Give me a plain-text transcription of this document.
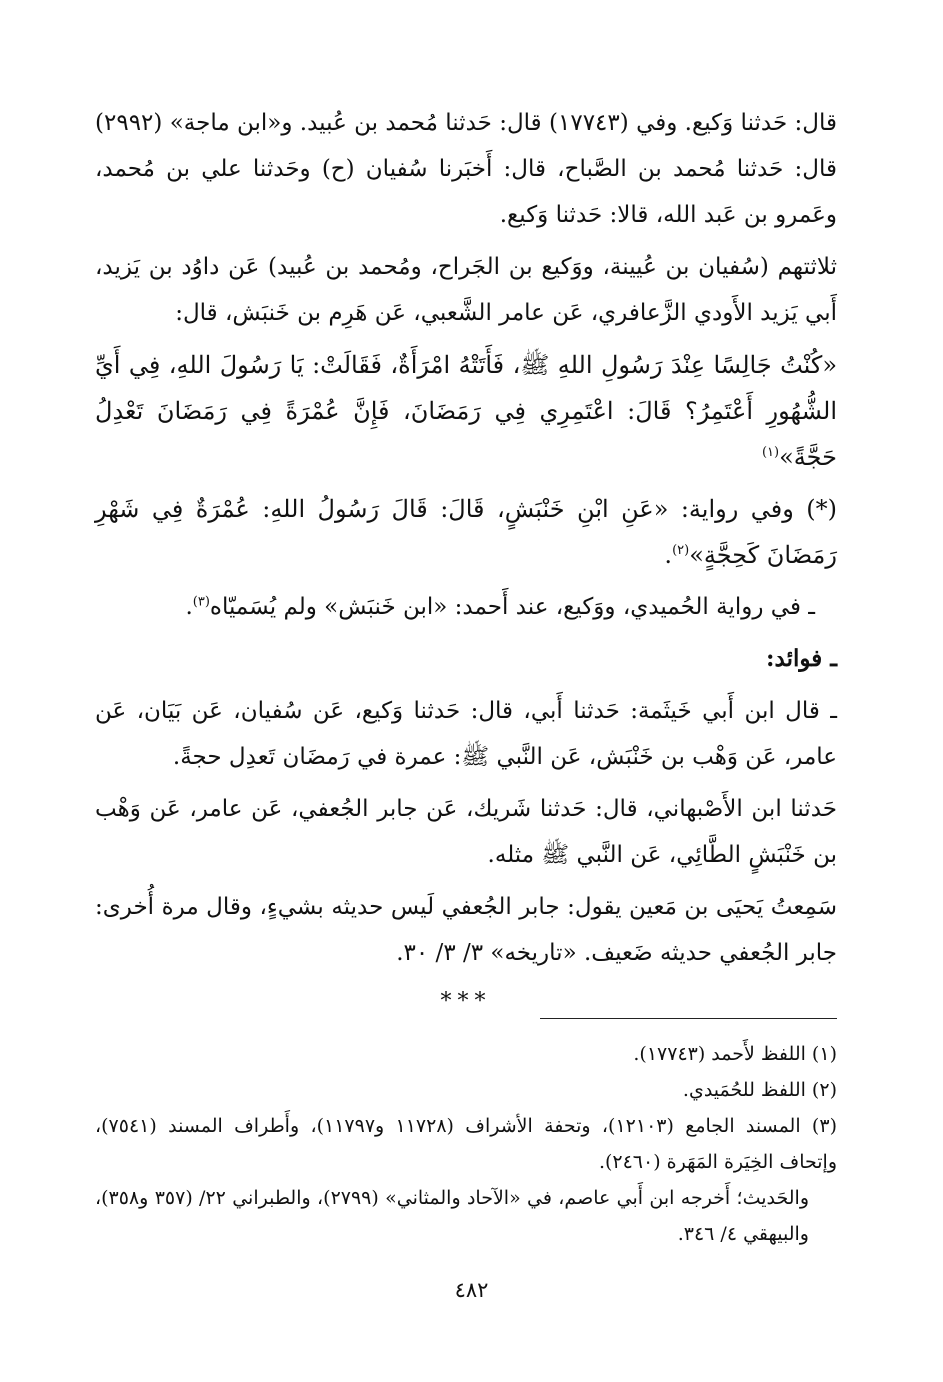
قال: حَدثنا وَكيع. وفي (١٧٧٤٣) قال: حَدثنا مُحمد بن عُبيد. و«ابن ماجة» (٢٩٩٢) قال: حَدثنا مُحمد بن الصَّباح، قال: أَخبَرنا سُفيان (ح) وحَدثنا علي بن مُحمد، وعَمرو بن عَبد الله، قالا: حَدثنا وَكيع.

ثلاثتهم (سُفيان بن عُيينة، ووَكيع بن الجَراح، ومُحمد بن عُبيد) عَن داوُد بن يَزيد، أَبي يَزيد الأَودي الزَّعافري، عَن عامر الشَّعبي، عَن هَرِم بن خَنبَش، قال:

«كُنْتُ جَالِسًا عِنْدَ رَسُولِ اللهِ ﷺ، فَأَتَتْهُ امْرَأَةٌ، فَقَالَتْ: يَا رَسُولَ اللهِ، فِي أَيِّ الشُّهُورِ أَعْتَمِرُ؟ قَالَ: اعْتَمِرِي فِي رَمَضَانَ، فَإِنَّ عُمْرَةً فِي رَمَضَانَ تَعْدِلُ حَجَّةً»$^{(١)}$

(*) وفي رواية: «عَنِ ابْنِ خَنْبَشٍ، قَالَ: قَالَ رَسُولُ اللهِ: عُمْرَةٌ فِي شَهْرِ رَمَضَانَ كَحِجَّةٍ»$^{(٢)}$.

ـ في رواية الحُميدي، ووَكيع، عند أَحمد: «ابن خَنبَش» ولم يُسَميّاه$^{(٣)}$.

ـ فوائد:

ـ قال ابن أَبي خَيثَمة: حَدثنا أَبي، قال: حَدثنا وَكيع، عَن سُفيان، عَن بَيَان، عَن عامر، عَن وَهْب بن خَنْبَش، عَن النَّبي ﷺ: عمرة في رَمضَان تَعدِل حجةً.

حَدثنا ابن الأَصْبهاني، قال: حَدثنا شَريك، عَن جابر الجُعفي، عَن عامر، عَن وَهْب بن خَنْبَشٍ الطَّائِي، عَن النَّبي ﷺ مثله.

سَمِعتُ يَحيَى بن مَعين يقول: جابر الجُعفي لَيس حديثه بشيءٍ، وقال مرة أُخرى: جابر الجُعفي حديثه ضَعيف. «تاريخه» ٣/ ٣/ ٣٠.

***

(١) اللفظ لأَحمد (١٧٧٤٣).

(٢) اللفظ للحُمَيدي.

(٣) المسند الجامع (١٢١٠٣)، وتحفة الأشراف (١١٧٢٨ و١١٧٩٧)، وأَطراف المسند (٧٥٤١)، وإتحاف الخِيَرة المَهَرة (٢٤٦٠).

والحَديث؛ أَخرجه ابن أَبي عاصم، في «الآحاد والمثاني» (٢٧٩٩)، والطبراني ٢٢/ (٣٥٧ و٣٥٨)، والبيهقي ٤/ ٣٤٦.

٤٨٢
